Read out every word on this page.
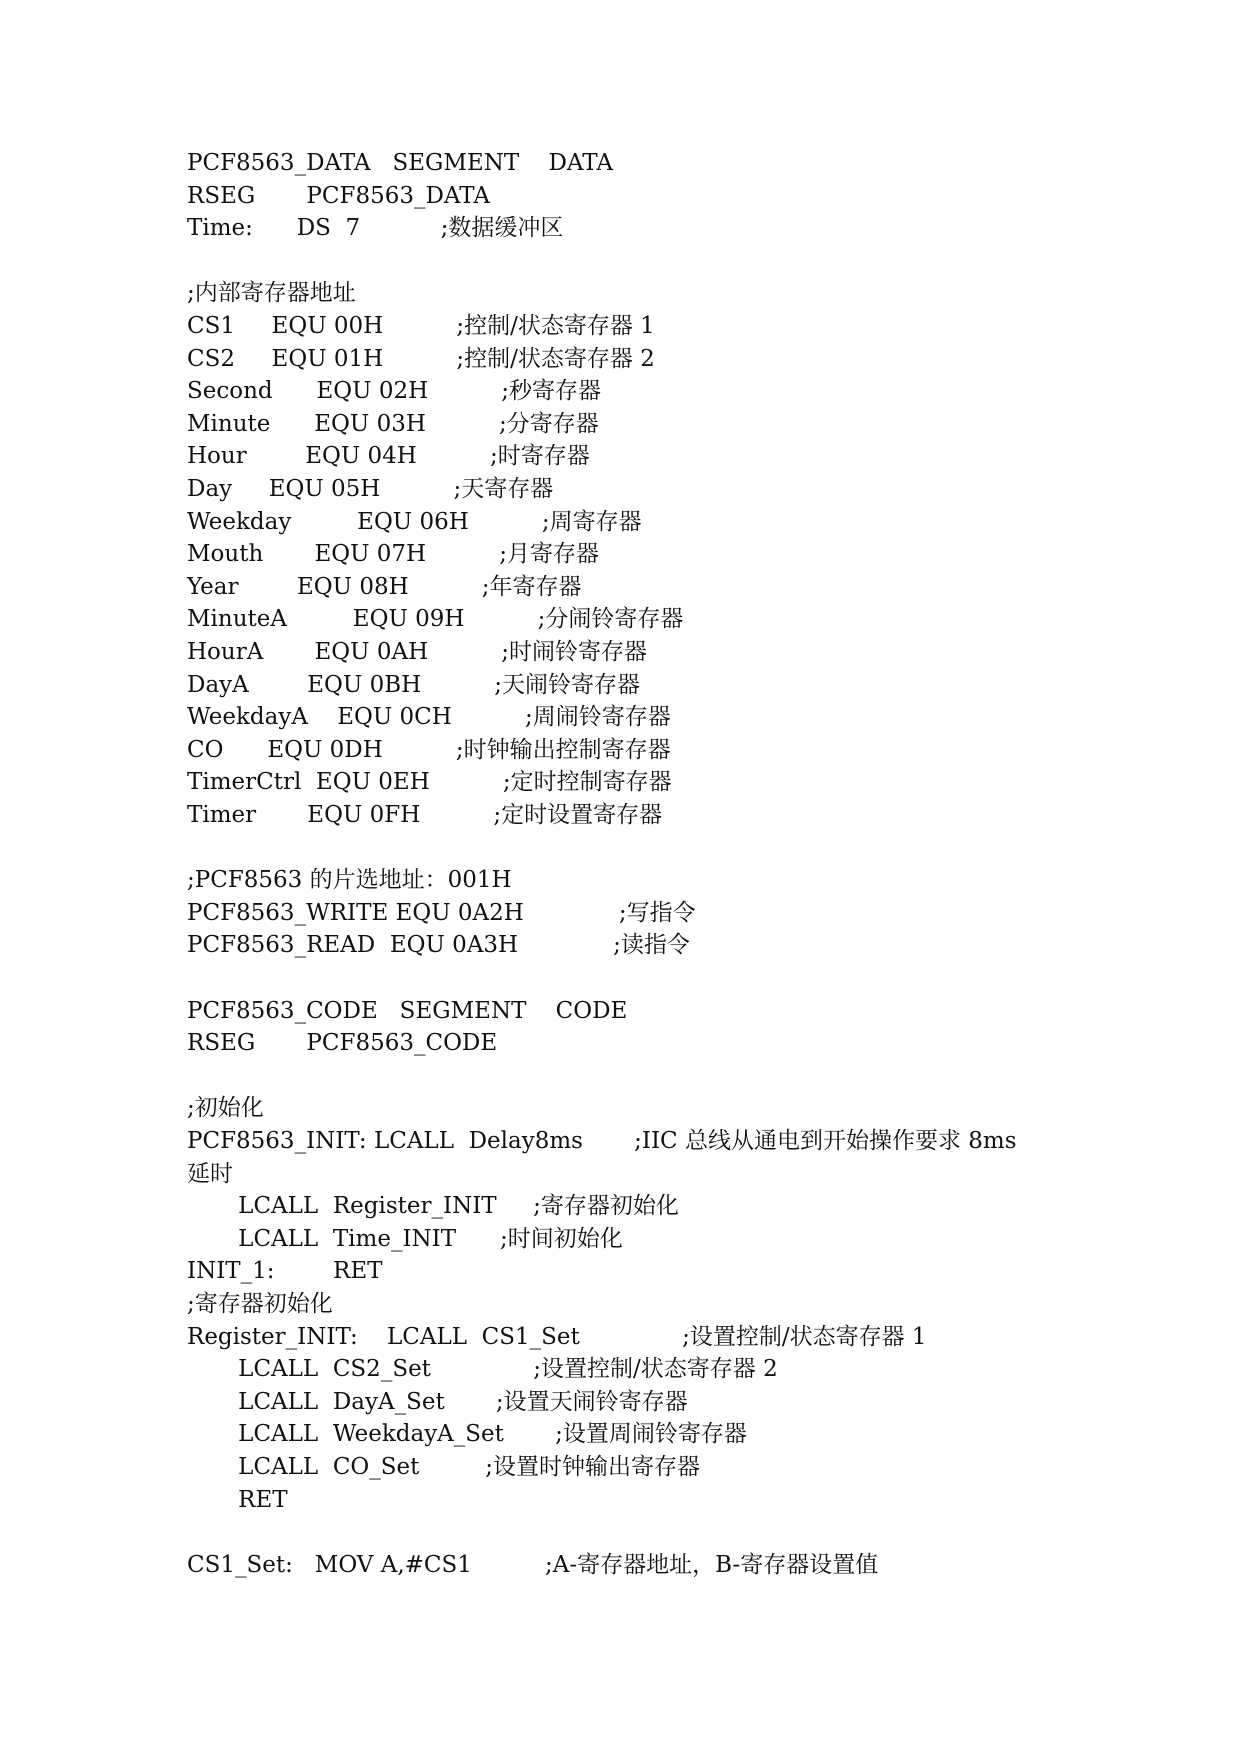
PCF8563_DATA   SEGMENT    DATA
RSEG       PCF8563_DATA
Time:      DS  7           ;数据缓冲区
;内部寄存器地址
CS1     EQU 00H          ;控制/状态寄存器 1
CS2     EQU 01H          ;控制/状态寄存器 2
Second      EQU 02H          ;秒寄存器
Minute      EQU 03H          ;分寄存器
Hour        EQU 04H          ;时寄存器
Day     EQU 05H          ;天寄存器
Weekday         EQU 06H          ;周寄存器
Mouth       EQU 07H          ;月寄存器
Year        EQU 08H          ;年寄存器
MinuteA         EQU 09H          ;分闹铃寄存器
HourA       EQU 0AH          ;时闹铃寄存器
DayA        EQU 0BH          ;天闹铃寄存器
WeekdayA    EQU 0CH          ;周闹铃寄存器
CO      EQU 0DH          ;时钟输出控制寄存器
TimerCtrl  EQU 0EH          ;定时控制寄存器
Timer       EQU 0FH          ;定时设置寄存器
;PCF8563 的片选地址：001H
PCF8563_WRITE EQU 0A2H             ;写指令
PCF8563_READ  EQU 0A3H             ;读指令
PCF8563_CODE   SEGMENT    CODE
RSEG       PCF8563_CODE
;初始化
PCF8563_INIT: LCALL  Delay8ms       ;IIC 总线从通电到开始操作要求 8ms
延时
LCALL  Register_INIT     ;寄存器初始化
LCALL  Time_INIT      ;时间初始化
INIT_1:        RET
;寄存器初始化
Register_INIT:    LCALL  CS1_Set              ;设置控制/状态寄存器 1
LCALL  CS2_Set              ;设置控制/状态寄存器 2
LCALL  DayA_Set       ;设置天闹铃寄存器
LCALL  WeekdayA_Set       ;设置周闹铃寄存器
LCALL  CO_Set         ;设置时钟输出寄存器
RET
CS1_Set:   MOV A,#CS1          ;A-寄存器地址，B-寄存器设置值
